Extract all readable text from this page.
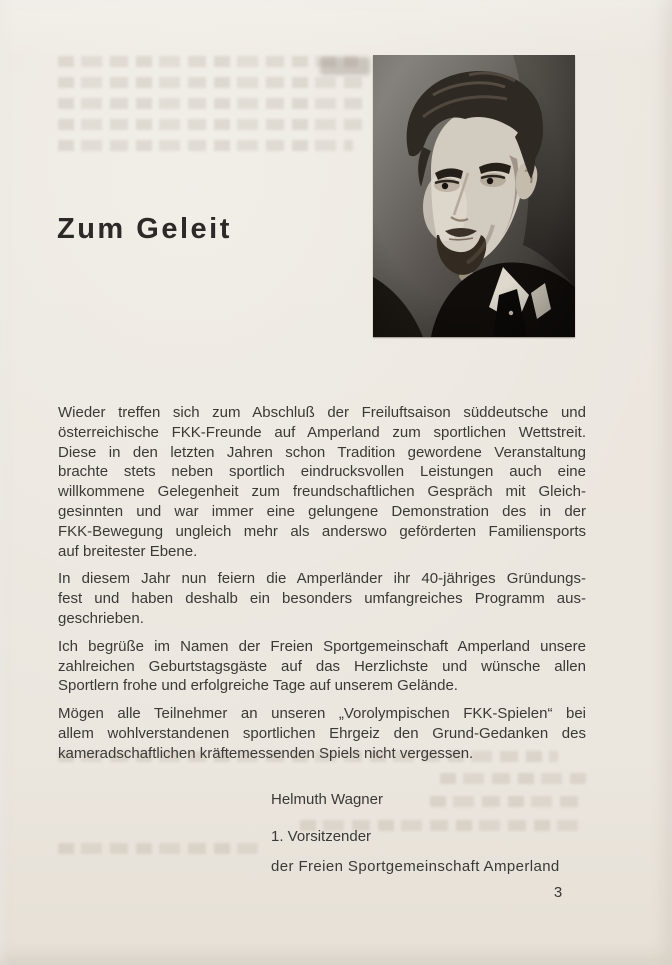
Zum Geleit

Wieder treffen sich zum Abschluß der Freiluftsaison süddeutsche und
österreichische FKK-Freunde auf Amperland zum sportlichen Wettstreit.
Diese in den letzten Jahren schon Tradition gewordene Veranstaltung
brachte stets neben sportlich eindrucksvollen Leistungen auch eine
willkommene Gelegenheit zum freundschaftlichen Gespräch mit Gleich-
gesinnten und war immer eine gelungene Demonstration des in der
FKK-Bewegung ungleich mehr als anderswo geförderten Familiensports
auf breitester Ebene.

In diesem Jahr nun feiern die Amperländer ihr 40-jähriges Gründungs-
fest und haben deshalb ein besonders umfangreiches Programm aus-
geschrieben.

Ich begrüße im Namen der Freien Sportgemeinschaft Amperland unsere
zahlreichen Geburtstagsgäste auf das Herzlichste und wünsche allen
Sportlern frohe und erfolgreiche Tage auf unserem Gelände.

Mögen alle Teilnehmer an unseren „Vorolympischen FKK-Spielen“ bei
allem wohlverstandenen sportlichen Ehrgeiz den Grund-Gedanken des
kameradschaftlichen kräftemessenden Spiels nicht vergessen.

Helmuth Wagner

1. Vorsitzender

der Freien Sportgemeinschaft Amperland

3
